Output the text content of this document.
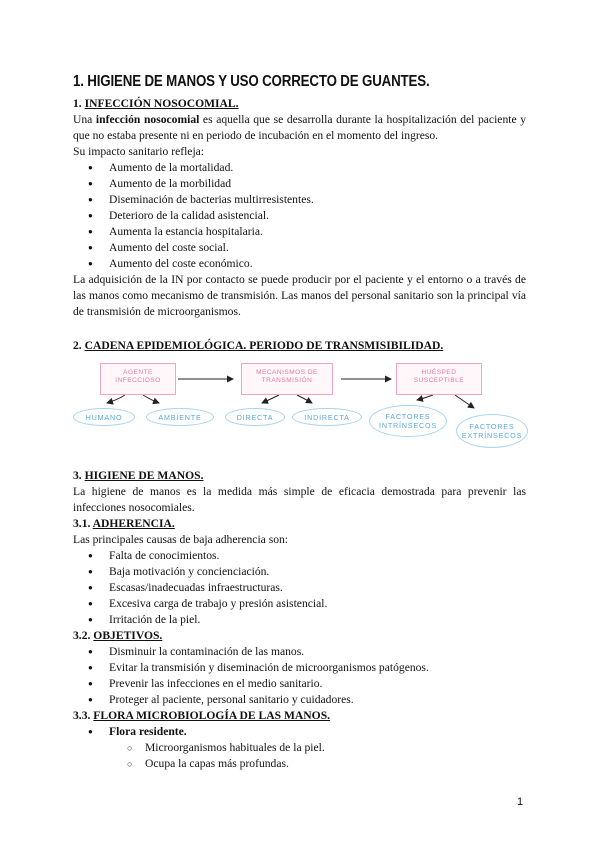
1. HIGIENE DE MANOS Y USO CORRECTO DE GUANTES.
1. INFECCIÓN NOSOCOMIAL.

Una infección nosocomial es aquella que se desarrolla durante la hospitalización del paciente y que no estaba presente ni en periodo de incubación en el momento del ingreso.

Su impacto sanitario refleja:

● Aumento de la mortalidad.
● Aumento de la morbilidad
● Diseminación de bacterias multirresistentes.
● Deterioro de la calidad asistencial.
● Aumenta la estancia hospitalaria.
● Aumento del coste social.
● Aumento del coste económico.

La adquisición de la IN por contacto se puede producir por el paciente y el entorno o a través de las manos como mecanismo de transmisión. Las manos del personal sanitario son la principal vía de transmisión de microorganismos.

2. CADENA EPIDEMIOLÓGICA. PERIODO DE TRANSMISIBILIDAD.
AGENTE INFECCIOSO
MECANISMOS DE TRANSMISIÓN
HUÉSPED SUSCEPTIBLE
HUMANO	AMBIENTE	DIRECTA	INDIRECTA	FACTORES INTRÍNSECOS	FACTORES EXTRÍNSECOS
3. HIGIENE DE MANOS.

La higiene de manos es la medida más simple de eficacia demostrada para prevenir las infecciones nosocomiales.

3.1. ADHERENCIA.

Las principales causas de baja adherencia son:

● Falta de conocimientos.
● Baja motivación y concienciación.
● Escasas/inadecuadas infraestructuras.
● Excesiva carga de trabajo y presión asistencial.
● Irritación de la piel.
3.2. OBJETIVOS.
● Disminuir la contaminación de las manos.
● Evitar la transmisión y diseminación de microorganismos patógenos.
● Prevenir las infecciones en el medio sanitario.
● Proteger al paciente, personal sanitario y cuidadores.
3.3. FLORA MICROBIOLOGÍA DE LAS MANOS.
● Flora residente.
○ Microorganismos habituales de la piel.
○ Ocupa la capas más profundas.
1
